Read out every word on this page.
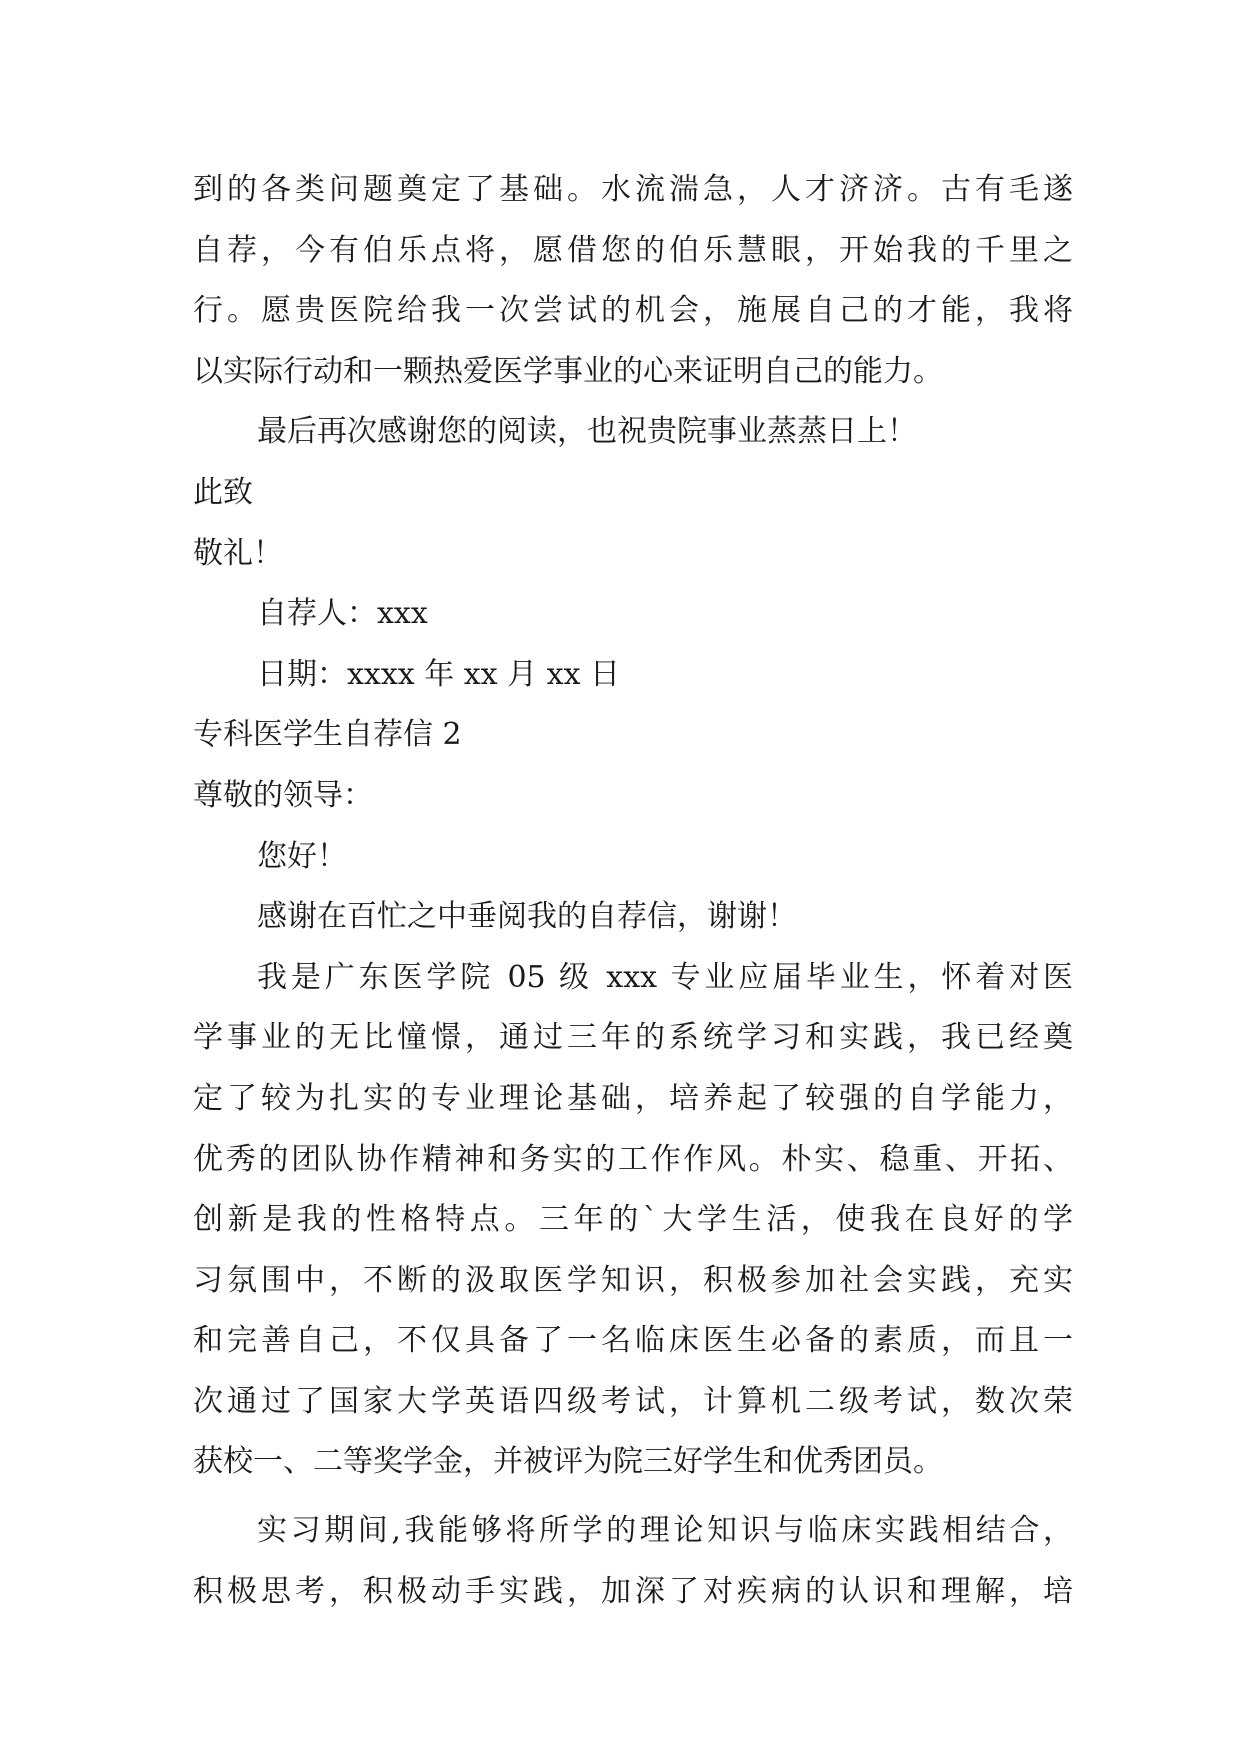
到的各类问题奠定了基础。水流湍急，人才济济。古有毛遂
自荐，今有伯乐点将，愿借您的伯乐慧眼，开始我的千里之
行。愿贵医院给我一次尝试的机会，施展自己的才能，我将
以实际行动和一颗热爱医学事业的心来证明自己的能力。
最后再次感谢您的阅读，也祝贵院事业蒸蒸日上！
此致
敬礼！
自荐人：xxx
日期：xxxx 年 xx 月 xx 日
专科医学生自荐信 2
尊敬的领导：
您好！
感谢在百忙之中垂阅我的自荐信，谢谢！
我是广东医学院 05 级 xxx 专业应届毕业生，怀着对医
学事业的无比憧憬，通过三年的系统学习和实践，我已经奠
定了较为扎实的专业理论基础，培养起了较强的自学能力，
优秀的团队协作精神和务实的工作作风。朴实、稳重、开拓、
创新是我的性格特点。三年的`大学生活，使我在良好的学
习氛围中，不断的汲取医学知识，积极参加社会实践，充实
和完善自己，不仅具备了一名临床医生必备的素质，而且一
次通过了国家大学英语四级考试，计算机二级考试，数次荣
获校一、二等奖学金，并被评为院三好学生和优秀团员。
实习期间,我能够将所学的理论知识与临床实践相结合，
积极思考，积极动手实践，加深了对疾病的认识和理解，培
